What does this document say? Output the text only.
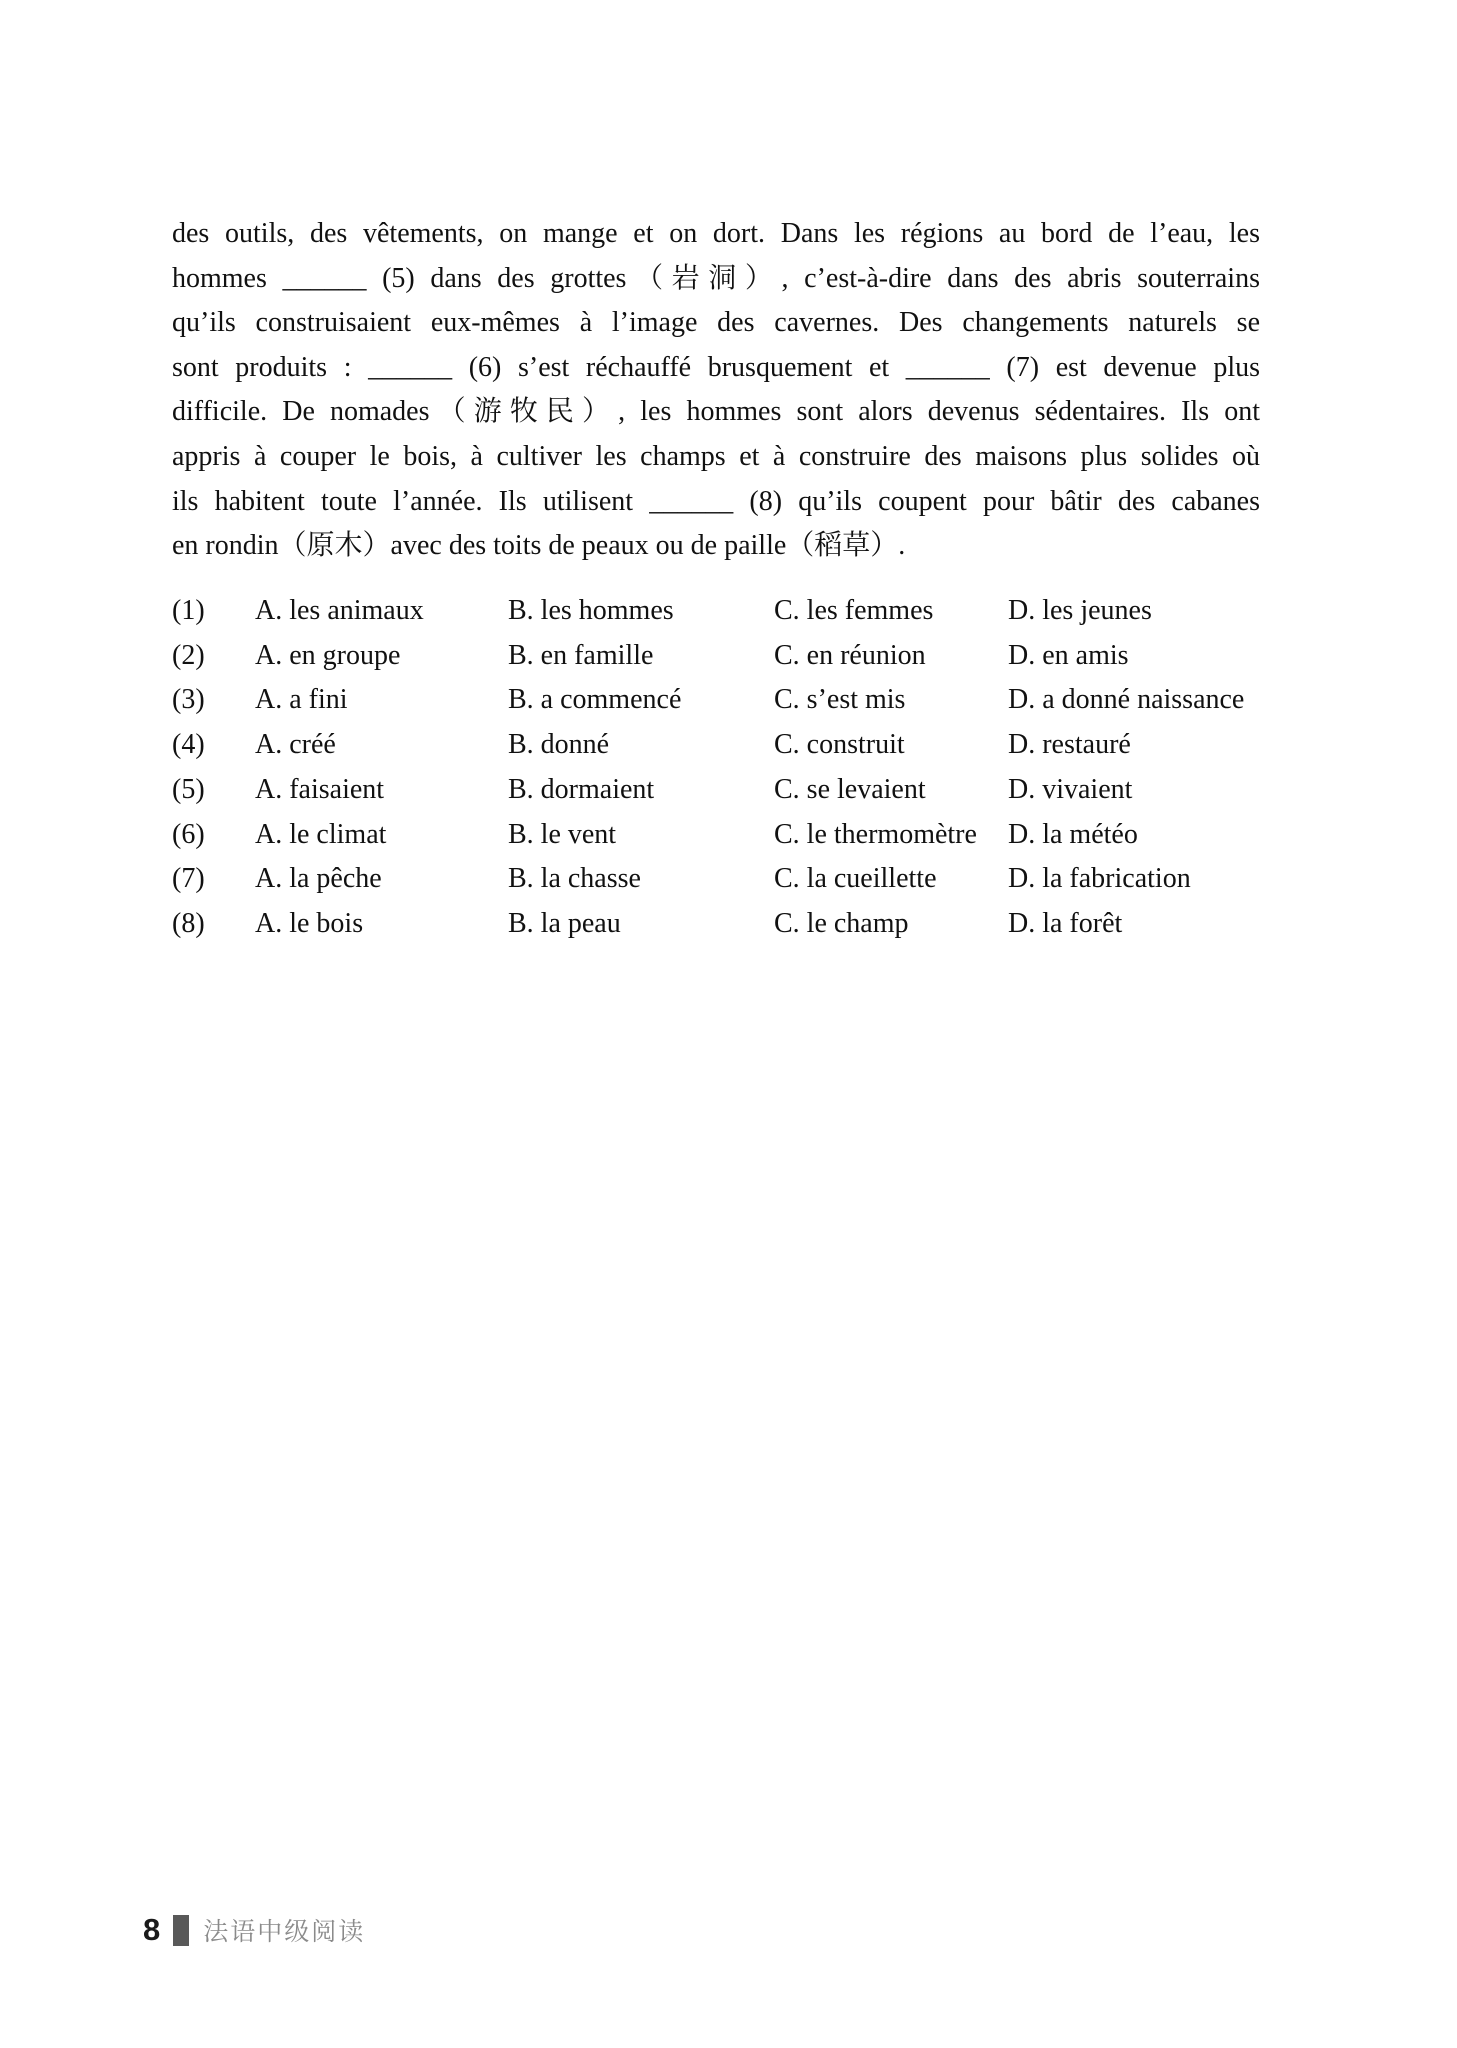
des outils, des vêtements, on mange et on dort. Dans les régions au bord de l’eau, les
hommes ______ (5) dans des grottes（岩洞）, c’est-à-dire dans des abris souterrains
qu’ils construisaient eux-mêmes à l’image des cavernes. Des changements naturels se
sont produits : ______ (6) s’est réchauffé brusquement et ______ (7) est devenue plus
difficile. De nomades（游牧民）, les hommes sont alors devenus sédentaires. Ils ont
appris à couper le bois, à cultiver les champs et à construire des maisons plus solides où
ils habitent toute l’année. Ils utilisent ______ (8) qu’ils coupent pour bâtir des cabanes
en rondin（原木）avec des toits de peaux ou de paille（稻草）.
(1)	A. les animaux	B. les hommes	C. les femmes	D. les jeunes
(2)	A. en groupe	B. en famille	C. en réunion	D. en amis
(3)	A. a fini	B. a commencé	C. s’est mis	D. a donné naissance
(4)	A. créé	B. donné	C. construit	D. restauré
(5)	A. faisaient	B. dormaient	C. se levaient	D. vivaient
(6)	A. le climat	B. le vent	C. le thermomètre	D. la météo
(7)	A. la pêche	B. la chasse	C. la cueillette	D. la fabrication
(8)	A. le bois	B. la peau	C. le champ	D. la forêt
8 法语中级阅读
